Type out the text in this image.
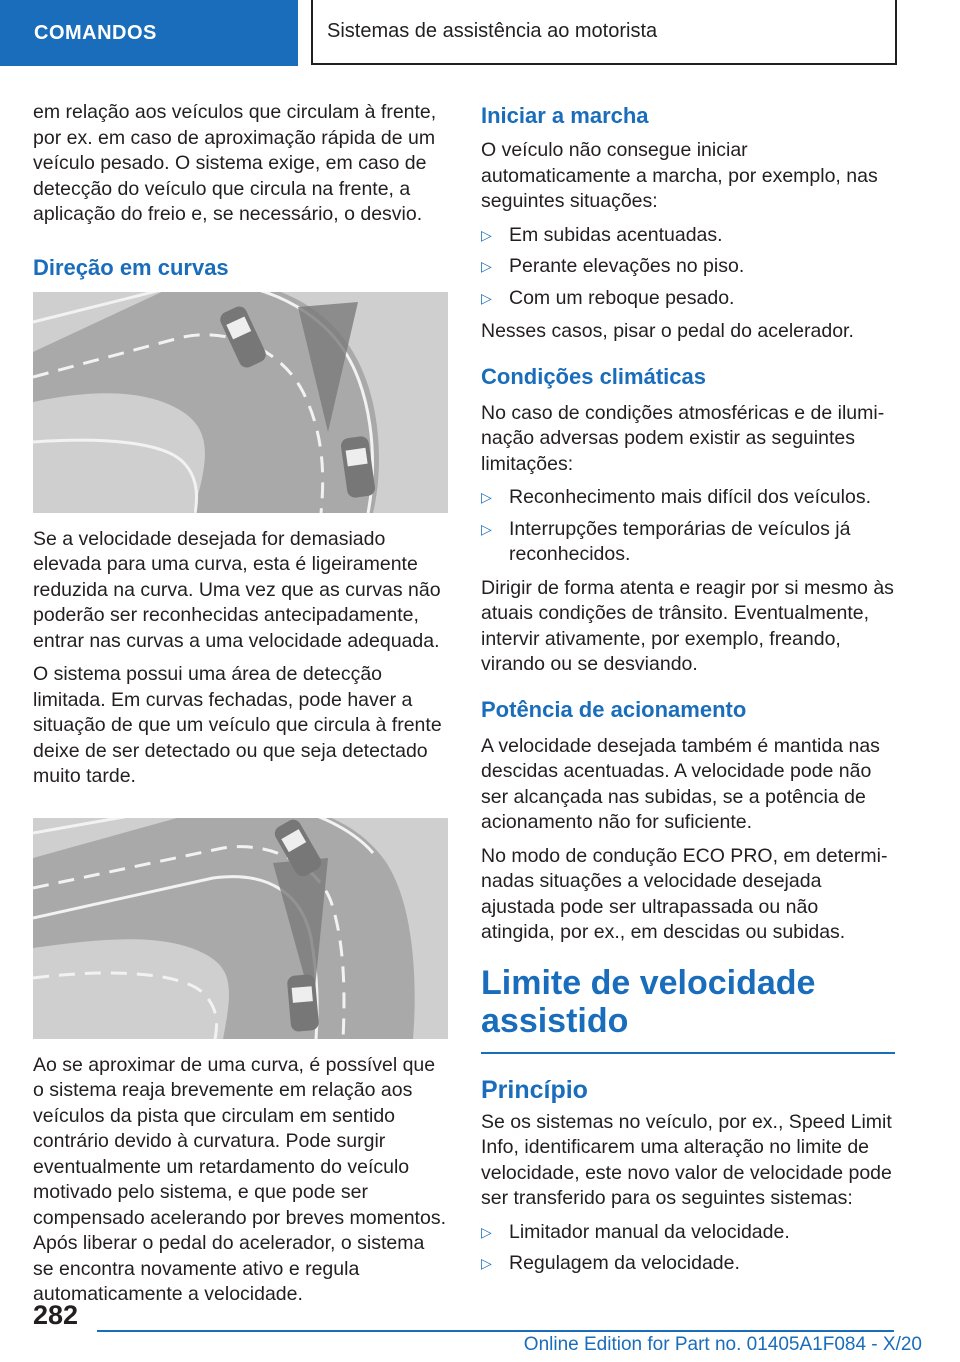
COMANDOS	Sistemas de assistência ao motorista

em relação aos veículos que circulam à frente, por ex. em caso de aproximação rápida de um veículo pesado. O sistema exige, em caso de detecção do veículo que circula na frente, a aplicação do freio e, se necessário, o desvio.

Direção em curvas

Se a velocidade desejada for demasiado elevada para uma curva, esta é ligeiramente reduzida na curva. Uma vez que as curvas não poderão ser reconhecidas antecipadamente, entrar nas curvas a uma velocidade adequada.

O sistema possui uma área de detecção limitada. Em curvas fechadas, pode haver a situação de que um veículo que circula à frente deixe de ser detectado ou que seja detectado muito tarde.

Ao se aproximar de uma curva, é possível que o sistema reaja brevemente em relação aos veículos da pista que circulam em sentido contrário devido à curvatura. Pode surgir eventualmente um retardamento do veículo motivado pelo sistema, e que pode ser compensado acelerando por breves momentos. Após liberar o pedal do acelerador, o sistema se encontra novamente ativo e regula automaticamente a velocidade.

Iniciar a marcha

O veículo não consegue iniciar automaticamente a marcha, por exemplo, nas seguintes situações:

▷ Em subidas acentuadas.
▷ Perante elevações no piso.
▷ Com um reboque pesado.

Nesses casos, pisar o pedal do acelerador.

Condições climáticas

No caso de condições atmosféricas e de iluminação adversas podem existir as seguintes limitações:

▷ Reconhecimento mais difícil dos veículos.
▷ Interrupções temporárias de veículos já reconhecidos.

Dirigir de forma atenta e reagir por si mesmo às atuais condições de trânsito. Eventualmente, intervir ativamente, por exemplo, freando, virando ou se desviando.

Potência de acionamento

A velocidade desejada também é mantida nas descidas acentuadas. A velocidade pode não ser alcançada nas subidas, se a potência de acionamento não for suficiente.

No modo de condução ECO PRO, em determinadas situações a velocidade desejada ajustada pode ser ultrapassada ou não atingida, por ex., em descidas ou subidas.

Limite de velocidade assistido
Princípio

Se os sistemas no veículo, por ex., Speed Limit Info, identificarem uma alteração no limite de velocidade, este novo valor de velocidade pode ser transferido para os seguintes sistemas:

▷ Limitador manual da velocidade.
▷ Regulagem da velocidade.
282
Online Edition for Part no. 01405A1F084 - X/20
